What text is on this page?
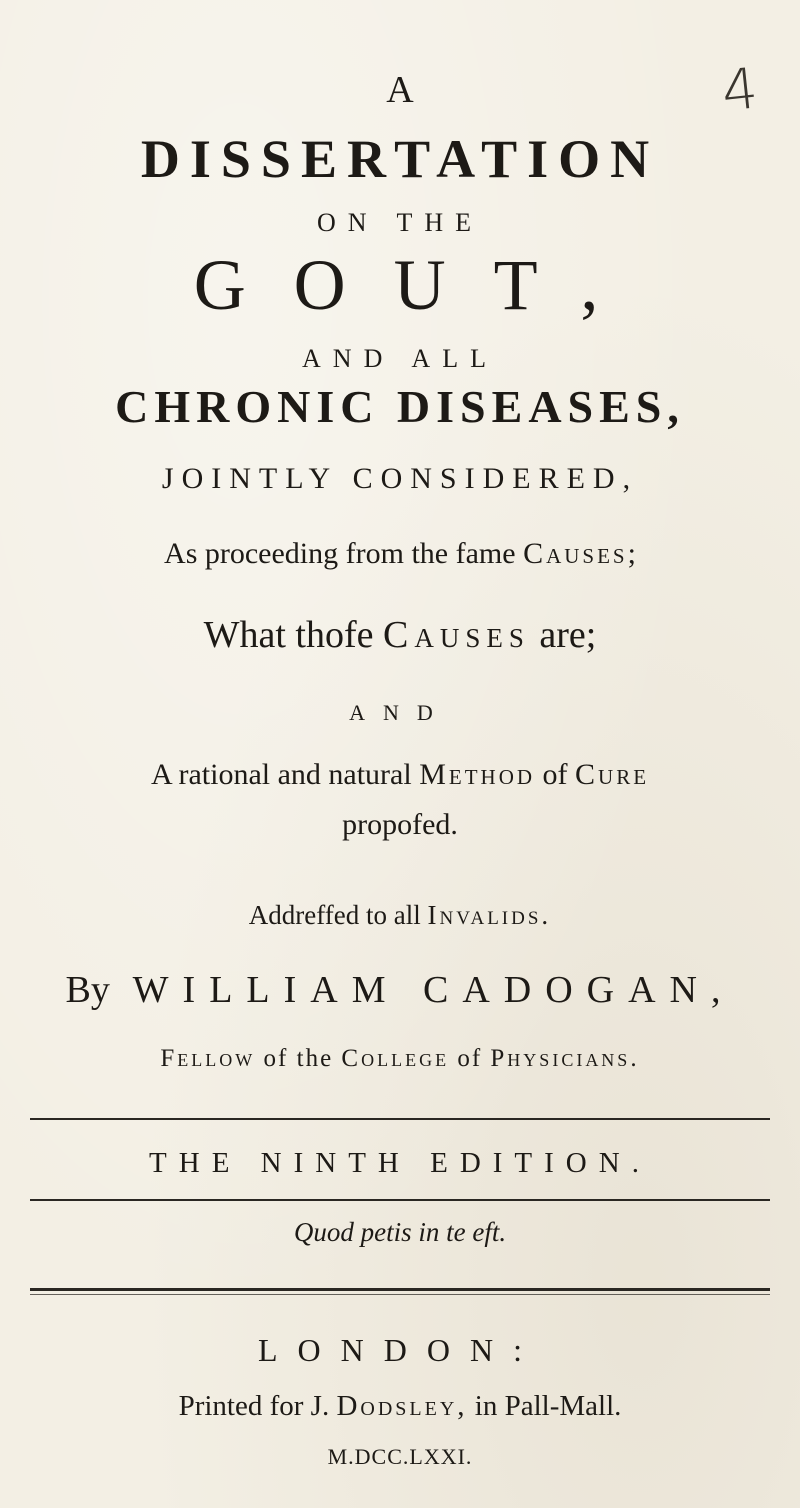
4
A
DISSERTATION
ON THE
GOUT,
AND ALL
CHRONIC DISEASES,
JOINTLY CONSIDERED,
As proceeding from the fame Causes;
What thofe Causes are;
AND
A rational and natural Method of Cure
propofed.
Addreffed to all Invalids.
By WILLIAM CADOGAN,
Fellow of the College of Physicians.
THE NINTH EDITION.
Quod petis in te eft.
LONDON:
Printed for J. Dodsley, in Pall-Mall.
M.DCC.LXXI.
